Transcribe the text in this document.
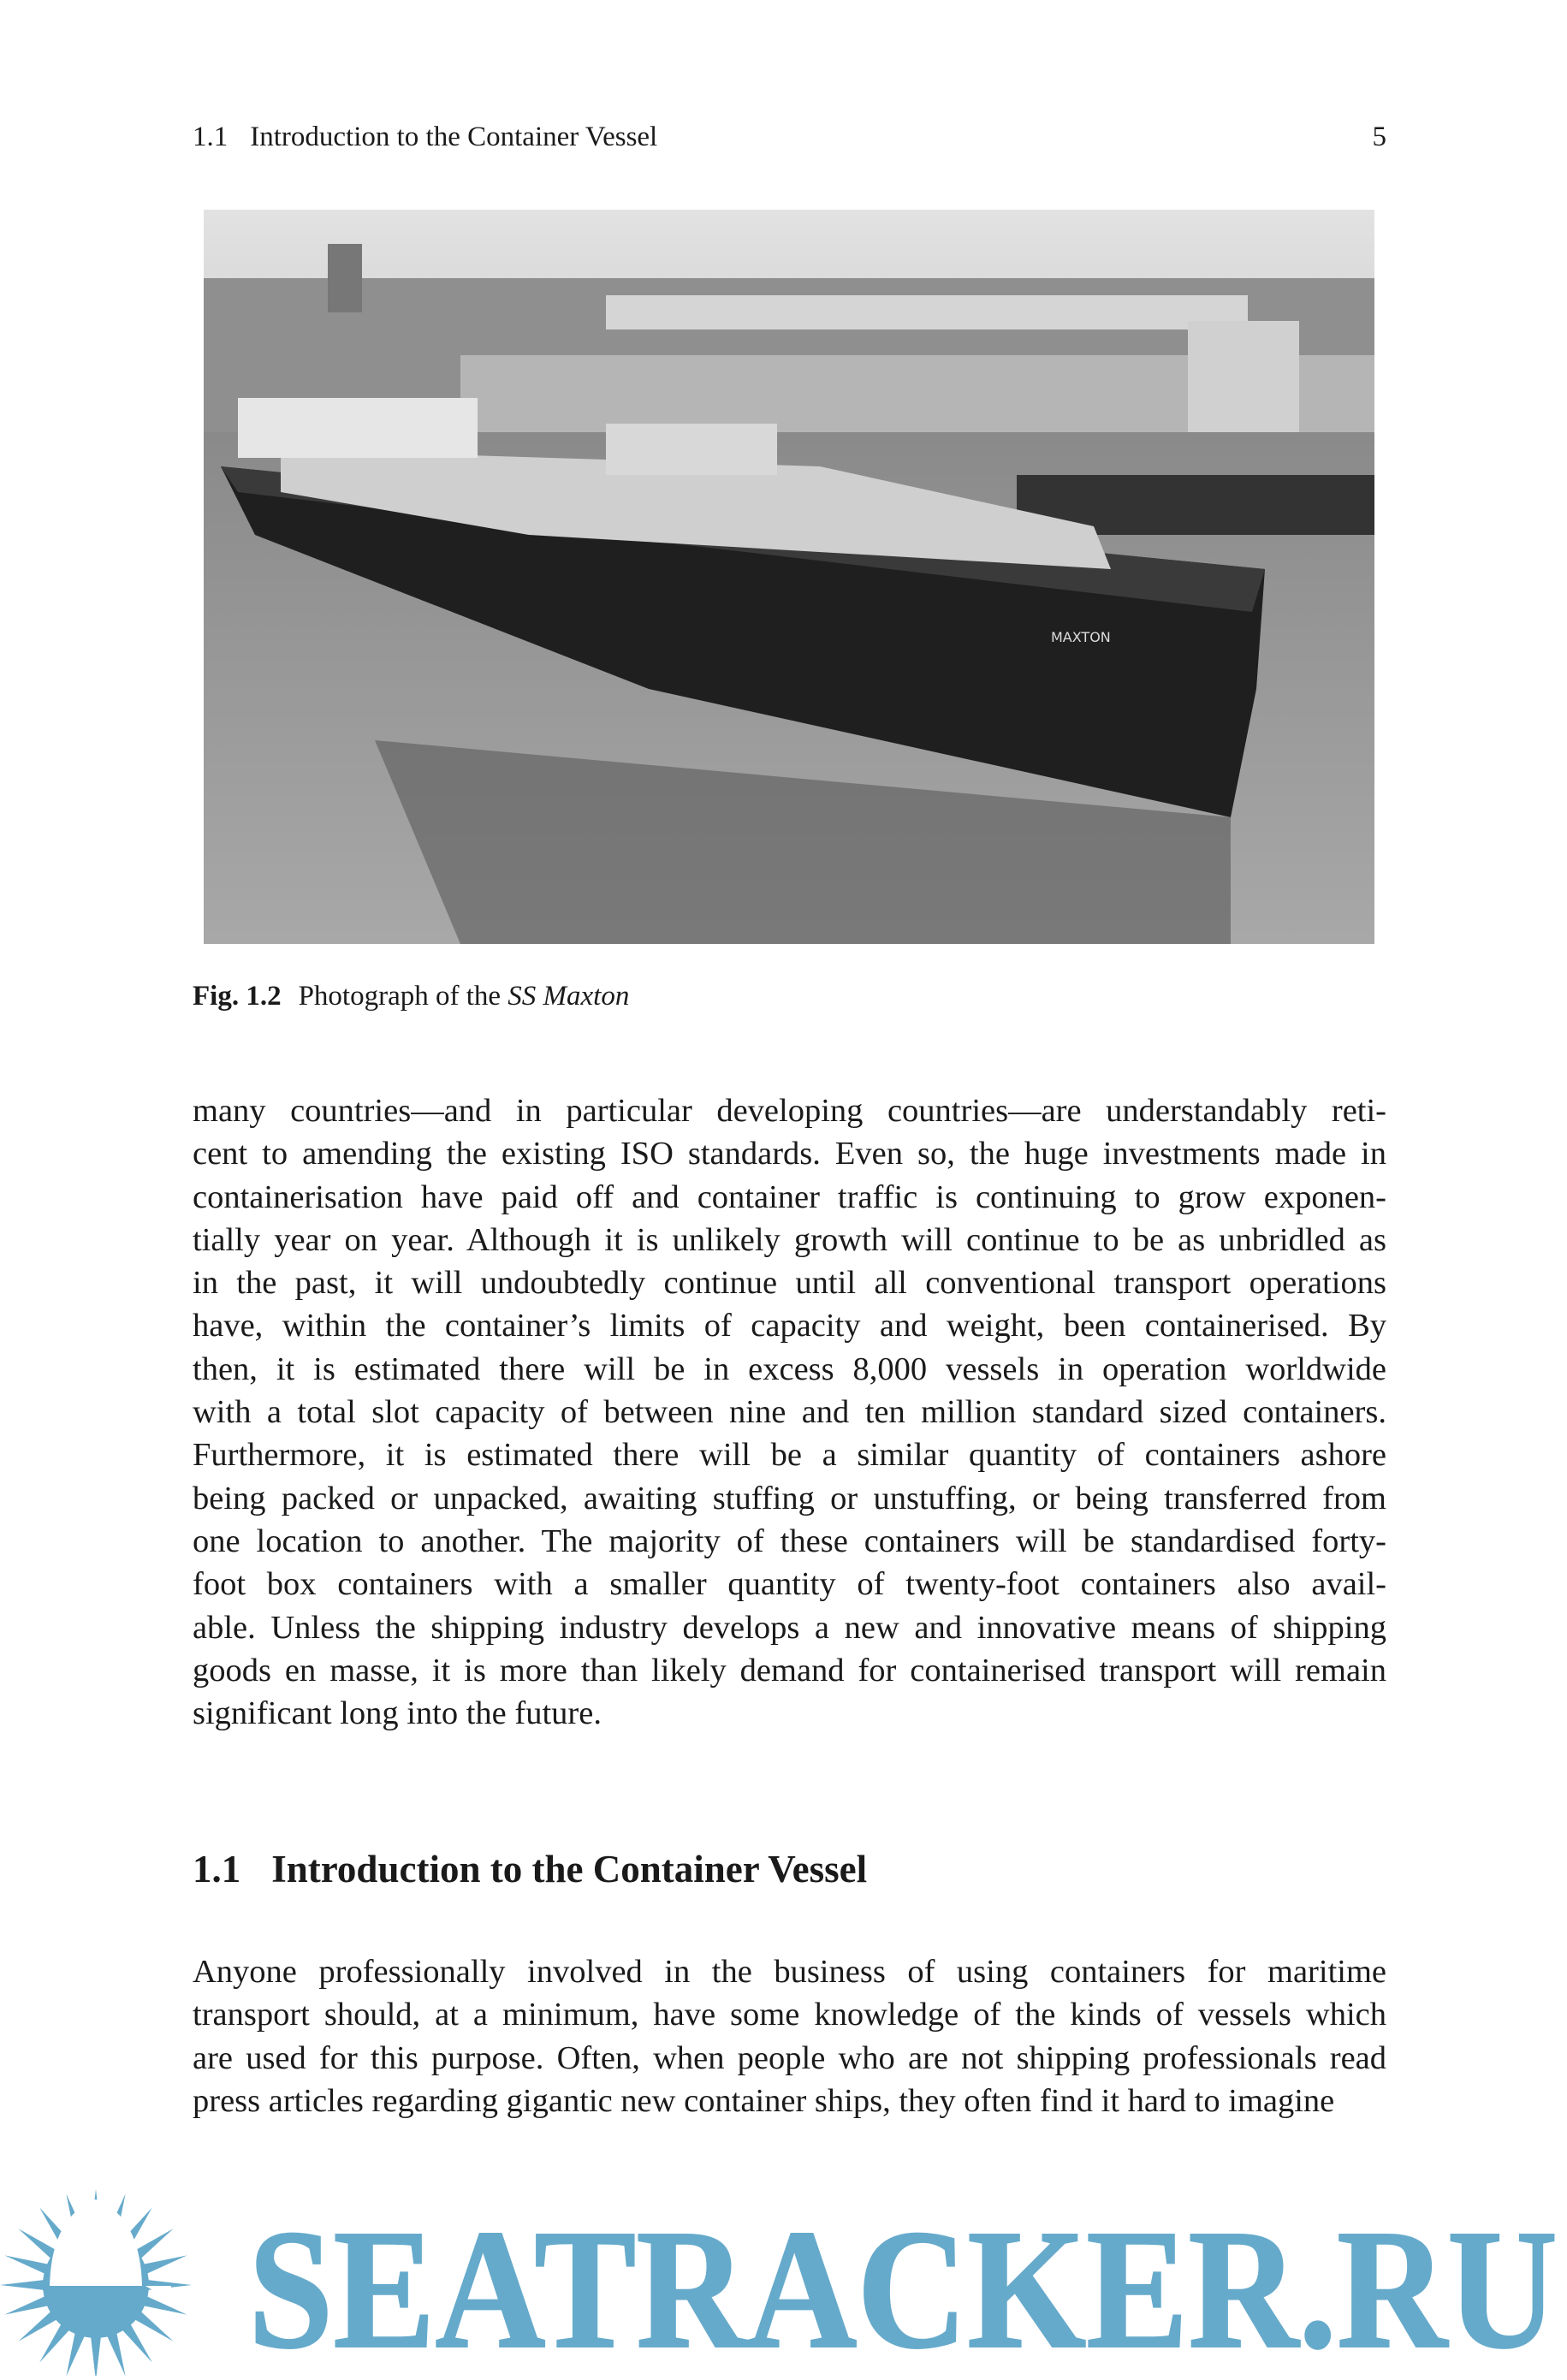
1.1 Introduction to the Container Vessel	5
MAXTON
Fig. 1.2 Photograph of the SS Maxton
many countries—and in particular developing countries—are understandably reti-
cent to amending the existing ISO standards. Even so, the huge investments made in
containerisation have paid off and container traffic is continuing to grow exponen-
tially year on year. Although it is unlikely growth will continue to be as unbridled as
in the past, it will undoubtedly continue until all conventional transport operations
have, within the container’s limits of capacity and weight, been containerised. By
then, it is estimated there will be in excess 8,000 vessels in operation worldwide
with a total slot capacity of between nine and ten million standard sized containers.
Furthermore, it is estimated there will be a similar quantity of containers ashore
being packed or unpacked, awaiting stuffing or unstuffing, or being transferred from
one location to another. The majority of these containers will be standardised forty-
foot box containers with a smaller quantity of twenty-foot containers also avail-
able. Unless the shipping industry develops a new and innovative means of shipping
goods en masse, it is more than likely demand for containerised transport will remain
significant long into the future.
1.1 Introduction to the Container Vessel
Anyone professionally involved in the business of using containers for maritime
transport should, at a minimum, have some knowledge of the kinds of vessels which
are used for this purpose. Often, when people who are not shipping professionals read
press articles regarding gigantic new container ships, they often find it hard to imagine
SEATRACKER.RU
